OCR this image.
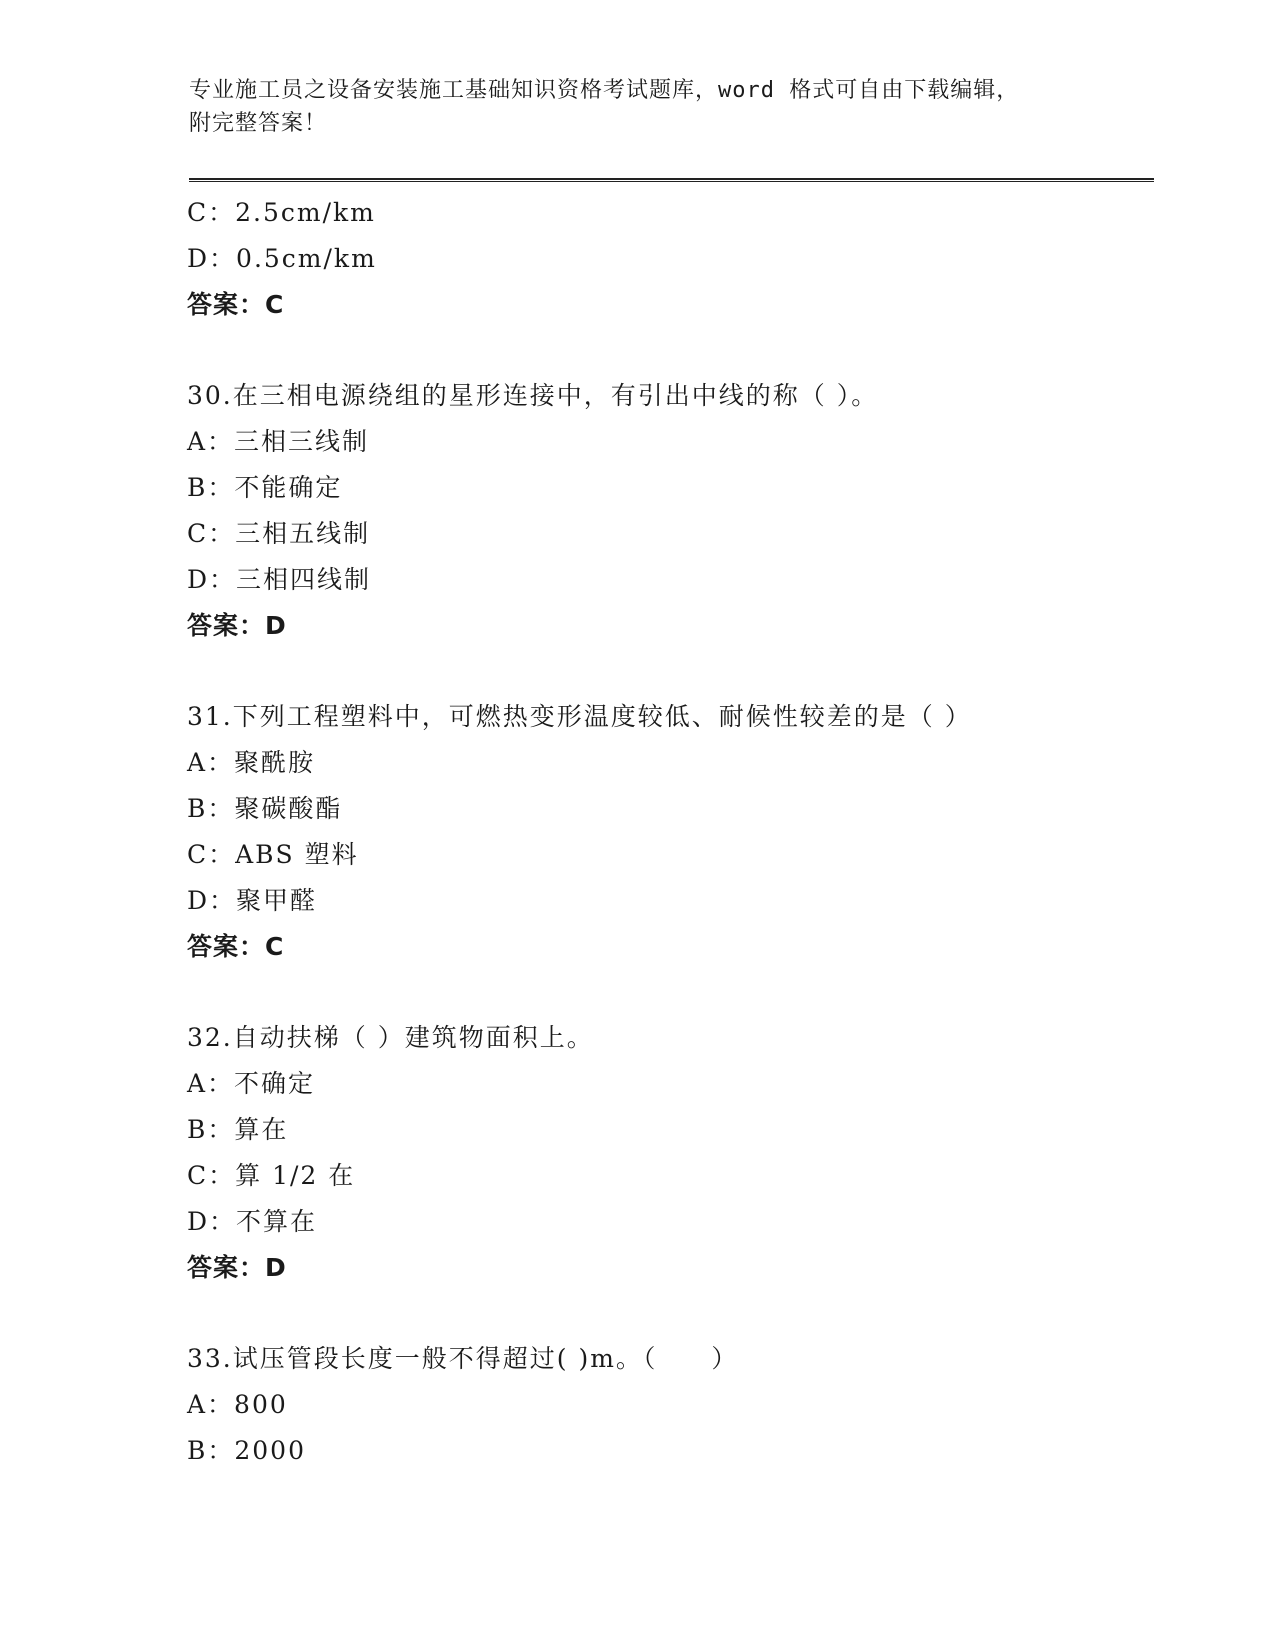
专业施工员之设备安装施工基础知识资格考试题库，word 格式可自由下载编辑，
附完整答案！
C：2.5cm/km
D：0.5cm/km
答案：C
30.在三相电源绕组的星形连接中，有引出中线的称（ ）。
A：三相三线制
B：不能确定
C：三相五线制
D：三相四线制
答案：D
31.下列工程塑料中，可燃热变形温度较低、耐候性较差的是（ ）
A：聚酰胺
B：聚碳酸酯
C：ABS 塑料
D：聚甲醛
答案：C
32.自动扶梯（ ）建筑物面积上。
A：不确定
B：算在
C：算 1/2 在
D：不算在
答案：D
33.试压管段长度一般不得超过( )m。（　　）
A：800
B：2000
